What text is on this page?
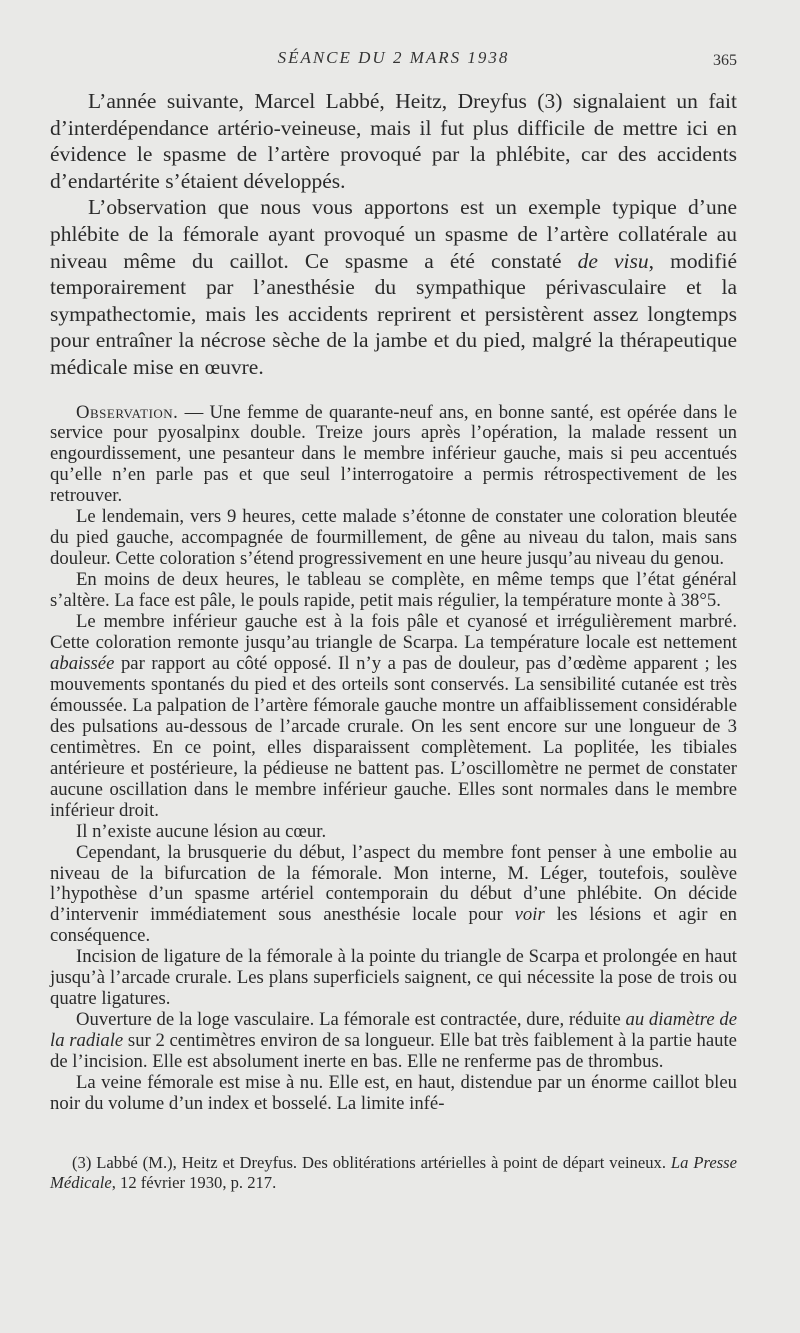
SÉANCE DU 2 MARS 1938	365

L’année suivante, Marcel Labbé, Heitz, Dreyfus (3) signalaient un fait d’interdépendance artério-veineuse, mais il fut plus difficile de mettre ici en évidence le spasme de l’artère provoqué par la phlébite, car des accidents d’endartérite s’étaient développés.

L’observation que nous vous apportons est un exemple typique d’une phlébite de la fémorale ayant provoqué un spasme de l’artère collatérale au niveau même du caillot. Ce spasme a été constaté de visu, modifié temporairement par l’anesthésie du sympathique périvasculaire et la sympathectomie, mais les accidents reprirent et persistèrent assez longtemps pour entraîner la nécrose sèche de la jambe et du pied, malgré la thérapeutique médicale mise en œuvre.

Observation. — Une femme de quarante-neuf ans, en bonne santé, est opérée dans le service pour pyosalpinx double. Treize jours après l’opération, la malade ressent un engourdissement, une pesanteur dans le membre inférieur gauche, mais si peu accentués qu’elle n’en parle pas et que seul l’interrogatoire a permis rétrospectivement de les retrouver.

Le lendemain, vers 9 heures, cette malade s’étonne de constater une coloration bleutée du pied gauche, accompagnée de fourmillement, de gêne au niveau du talon, mais sans douleur. Cette coloration s’étend progressivement en une heure jusqu’au niveau du genou.

En moins de deux heures, le tableau se complète, en même temps que l’état général s’altère. La face est pâle, le pouls rapide, petit mais régulier, la température monte à 38°5.

Le membre inférieur gauche est à la fois pâle et cyanosé et irrégulièrement marbré. Cette coloration remonte jusqu’au triangle de Scarpa. La température locale est nettement abaissée par rapport au côté opposé. Il n’y a pas de douleur, pas d’œdème apparent ; les mouvements spontanés du pied et des orteils sont conservés. La sensibilité cutanée est très émoussée. La palpation de l’artère fémorale gauche montre un affaiblissement considérable des pulsations au-dessous de l’arcade crurale. On les sent encore sur une longueur de 3 centimètres. En ce point, elles disparaissent complètement. La poplitée, les tibiales antérieure et postérieure, la pédieuse ne battent pas. L’oscillomètre ne permet de constater aucune oscillation dans le membre inférieur gauche. Elles sont normales dans le membre inférieur droit.

Il n’existe aucune lésion au cœur.

Cependant, la brusquerie du début, l’aspect du membre font penser à une embolie au niveau de la bifurcation de la fémorale. Mon interne, M. Léger, toutefois, soulève l’hypothèse d’un spasme artériel contemporain du début d’une phlébite. On décide d’intervenir immédiatement sous anesthésie locale pour voir les lésions et agir en conséquence.

Incision de ligature de la fémorale à la pointe du triangle de Scarpa et prolongée en haut jusqu’à l’arcade crurale. Les plans superficiels saignent, ce qui nécessite la pose de trois ou quatre ligatures.

Ouverture de la loge vasculaire. La fémorale est contractée, dure, réduite au diamètre de la radiale sur 2 centimètres environ de sa longueur. Elle bat très faiblement à la partie haute de l’incision. Elle est absolument inerte en bas. Elle ne renferme pas de thrombus.

La veine fémorale est mise à nu. Elle est, en haut, distendue par un énorme caillot bleu noir du volume d’un index et bosselé. La limite infé-

(3) Labbé (M.), Heitz et Dreyfus. Des oblitérations artérielles à point de départ veineux. La Presse Médicale, 12 février 1930, p. 217.
